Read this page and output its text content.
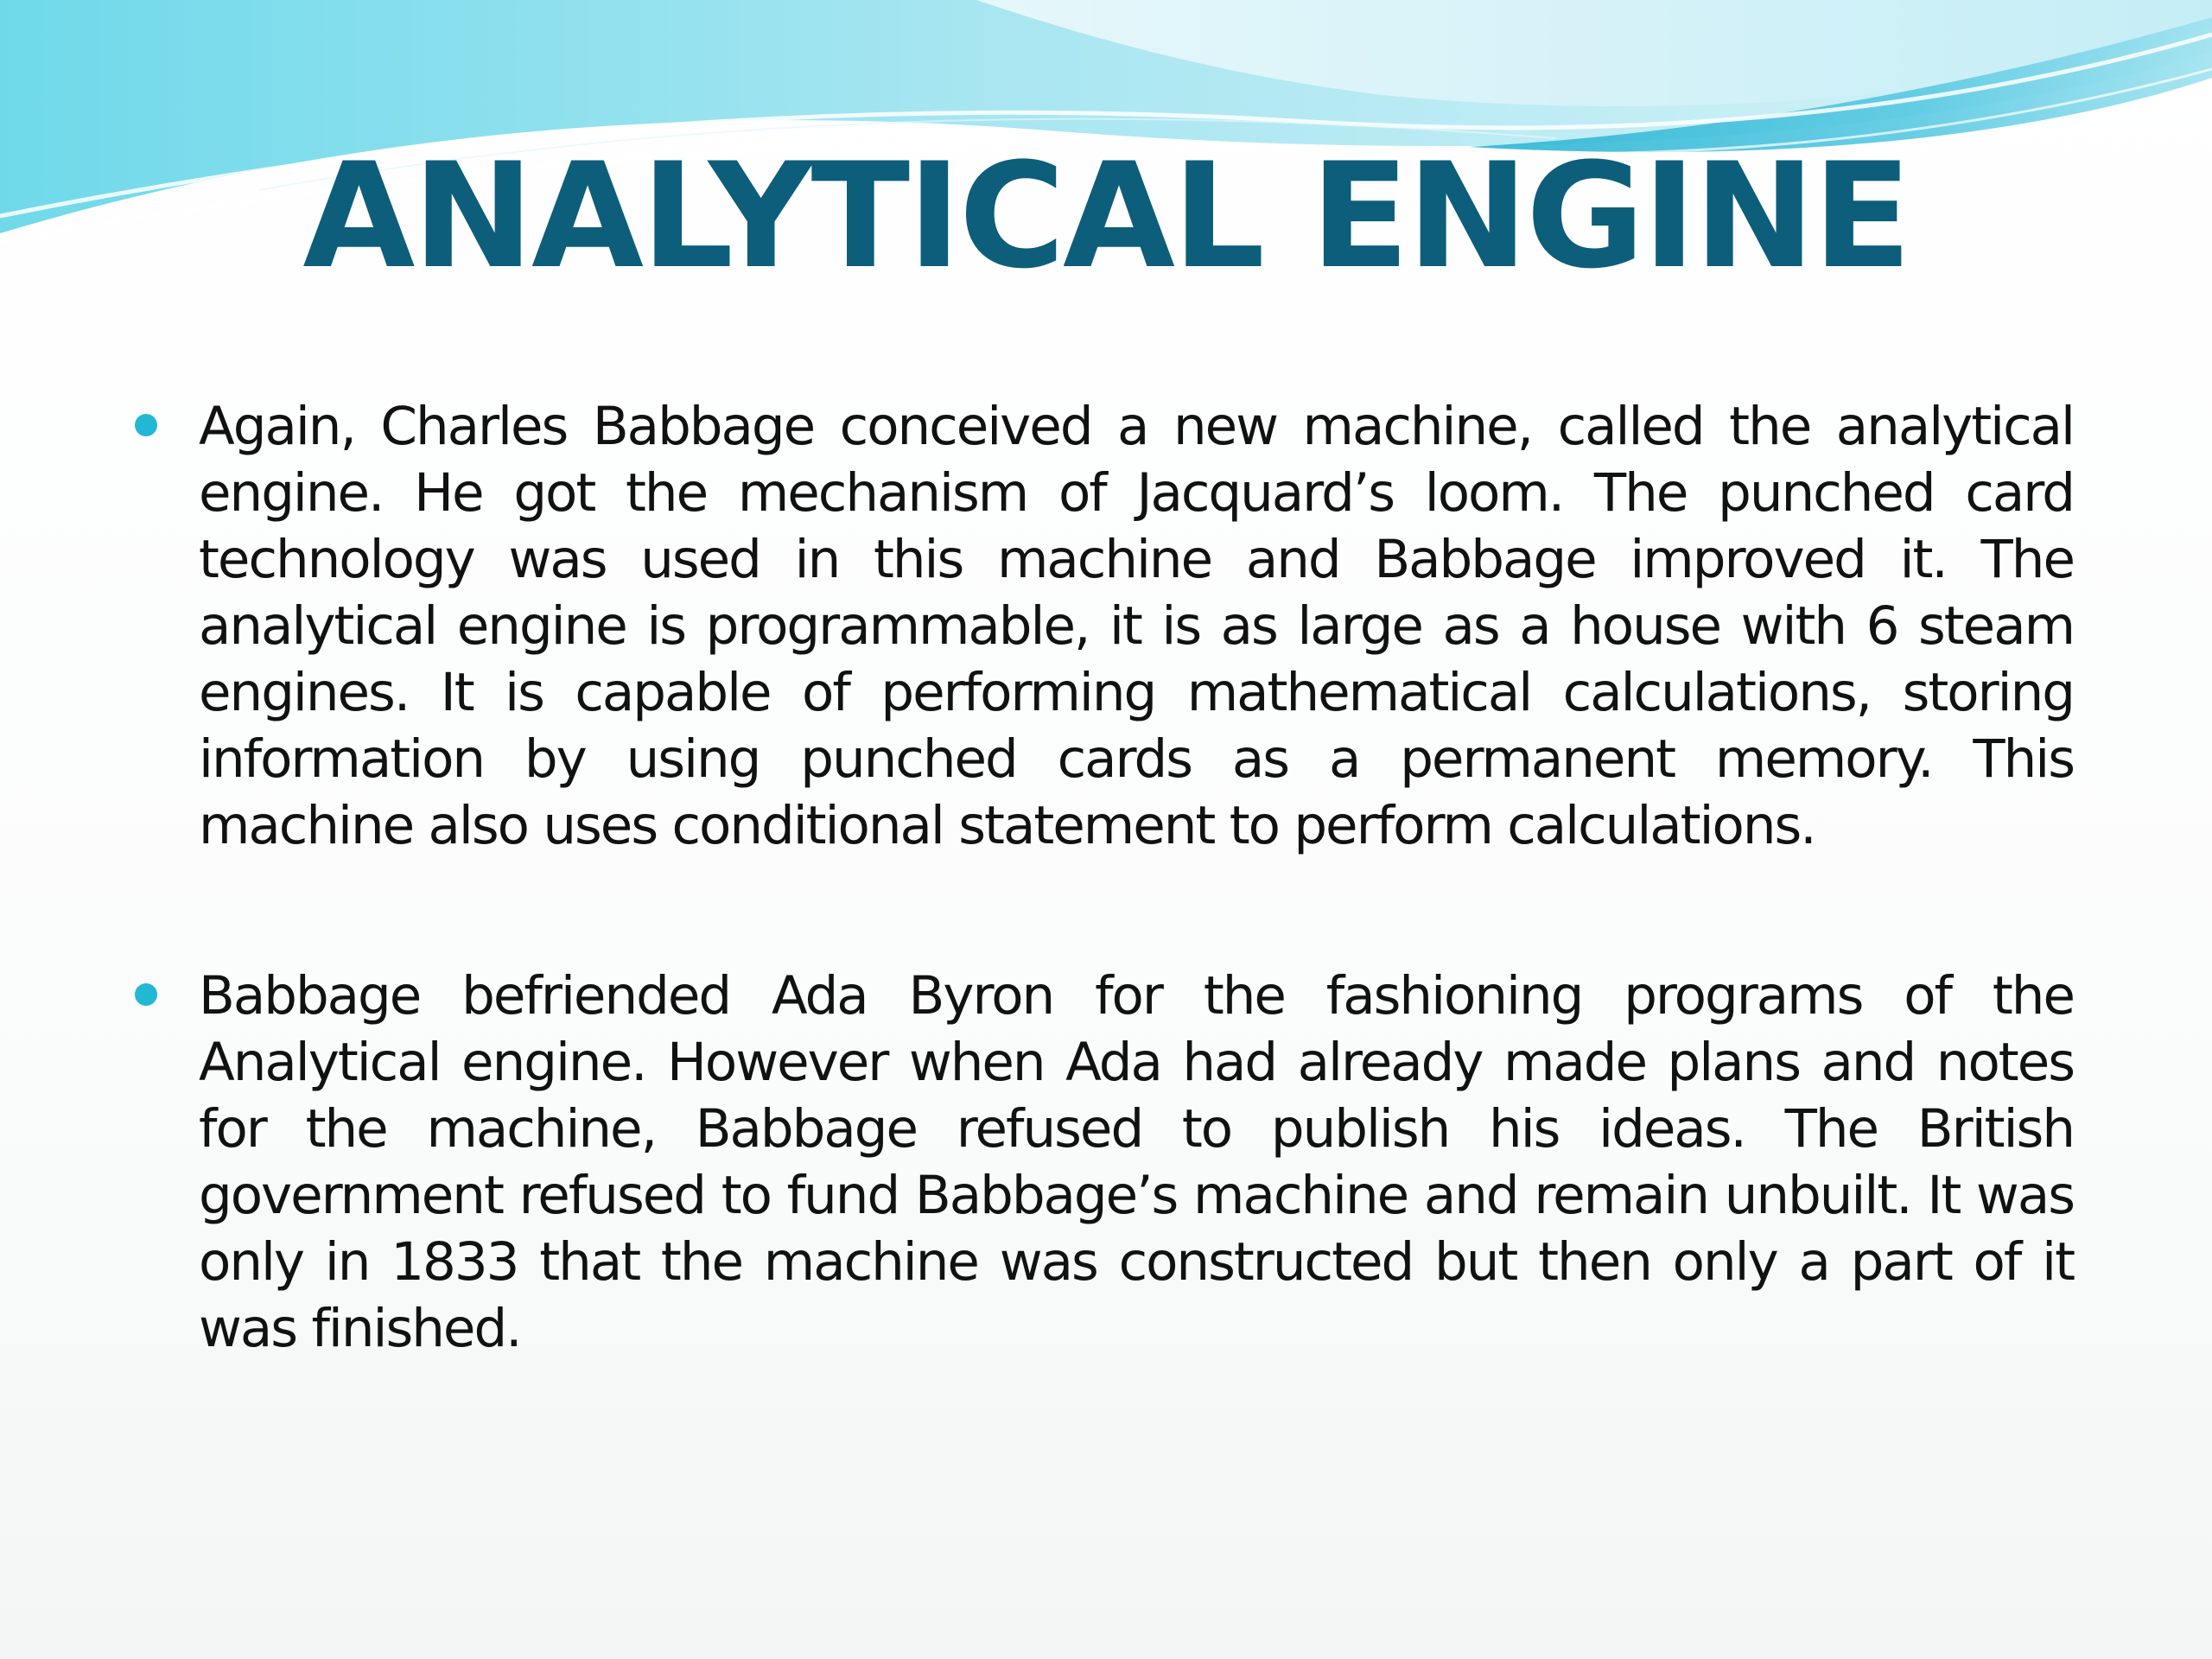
ANALYTICAL ENGINE
Again, Charles Babbage conceived a new machine, called the analytical engine. He got the mechanism of Jacquard’s loom. The punched card technology was used in this machine and Babbage improved it. The analytical engine is programmable, it is as large as a house with 6 steam engines. It is capable of performing mathematical calculations, storing information by using punched cards as a permanent memory. This machine also uses conditional statement to perform calculations.
Babbage befriended Ada Byron for the fashioning programs of the Analytical engine. However when Ada had already made plans and notes for the machine, Babbage refused to publish his ideas. The British government refused to fund Babbage’s machine and remain unbuilt. It was only in 1833 that the machine was constructed but then only a part of it was finished.
